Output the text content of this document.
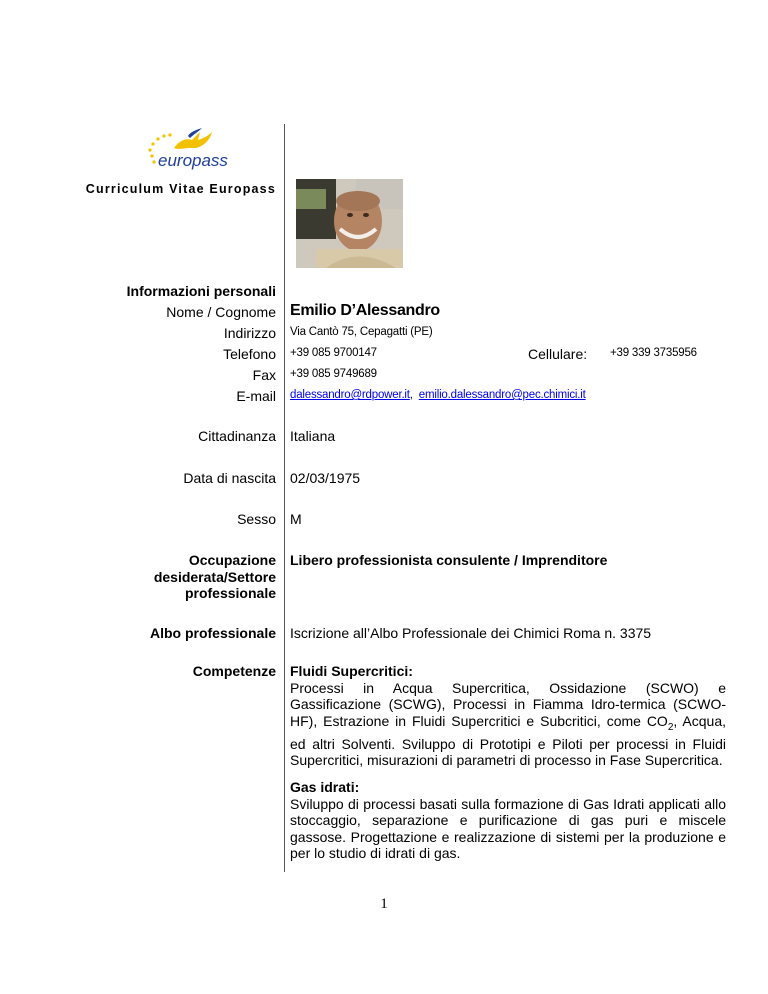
europass
Curriculum Vitae Europass
Informazioni personali
Nome / Cognome Emilio D’Alessandro
Indirizzo Via Cantò 75, Cepagatti (PE)
Telefono +39 085 9700147	Cellulare: +39 339 3735956
Fax +39 085 9749689
E-mail dalessandro@rdpower.it, emilio.dalessandro@pec.chimici.it
Cittadinanza Italiana
Data di nascita 02/03/1975
Sesso M
Occupazione
desiderata/Settore
professionale
Libero professionista consulente / Imprenditore
Albo professionale Iscrizione all’Albo Professionale dei Chimici Roma n. 3375
Competenze Fluidi Supercritici:
Processi in Acqua Supercritica, Ossidazione (SCWO) e Gassificazione (SCWG), Processi in Fiamma Idro-termica (SCWO-HF), Estrazione in Fluidi Supercritici e Subcritici, come $CO_2$, Acqua, ed altri Solventi. Sviluppo di Prototipi e Piloti per processi in Fluidi Supercritici, misurazioni di parametri di processo in Fase Supercritica.
Gas idrati:
Sviluppo di processi basati sulla formazione di Gas Idrati applicati allo stoccaggio, separazione e purificazione di gas puri e miscele gassose. Progettazione e realizzazione di sistemi per la produzione e per lo studio di idrati di gas.
1
